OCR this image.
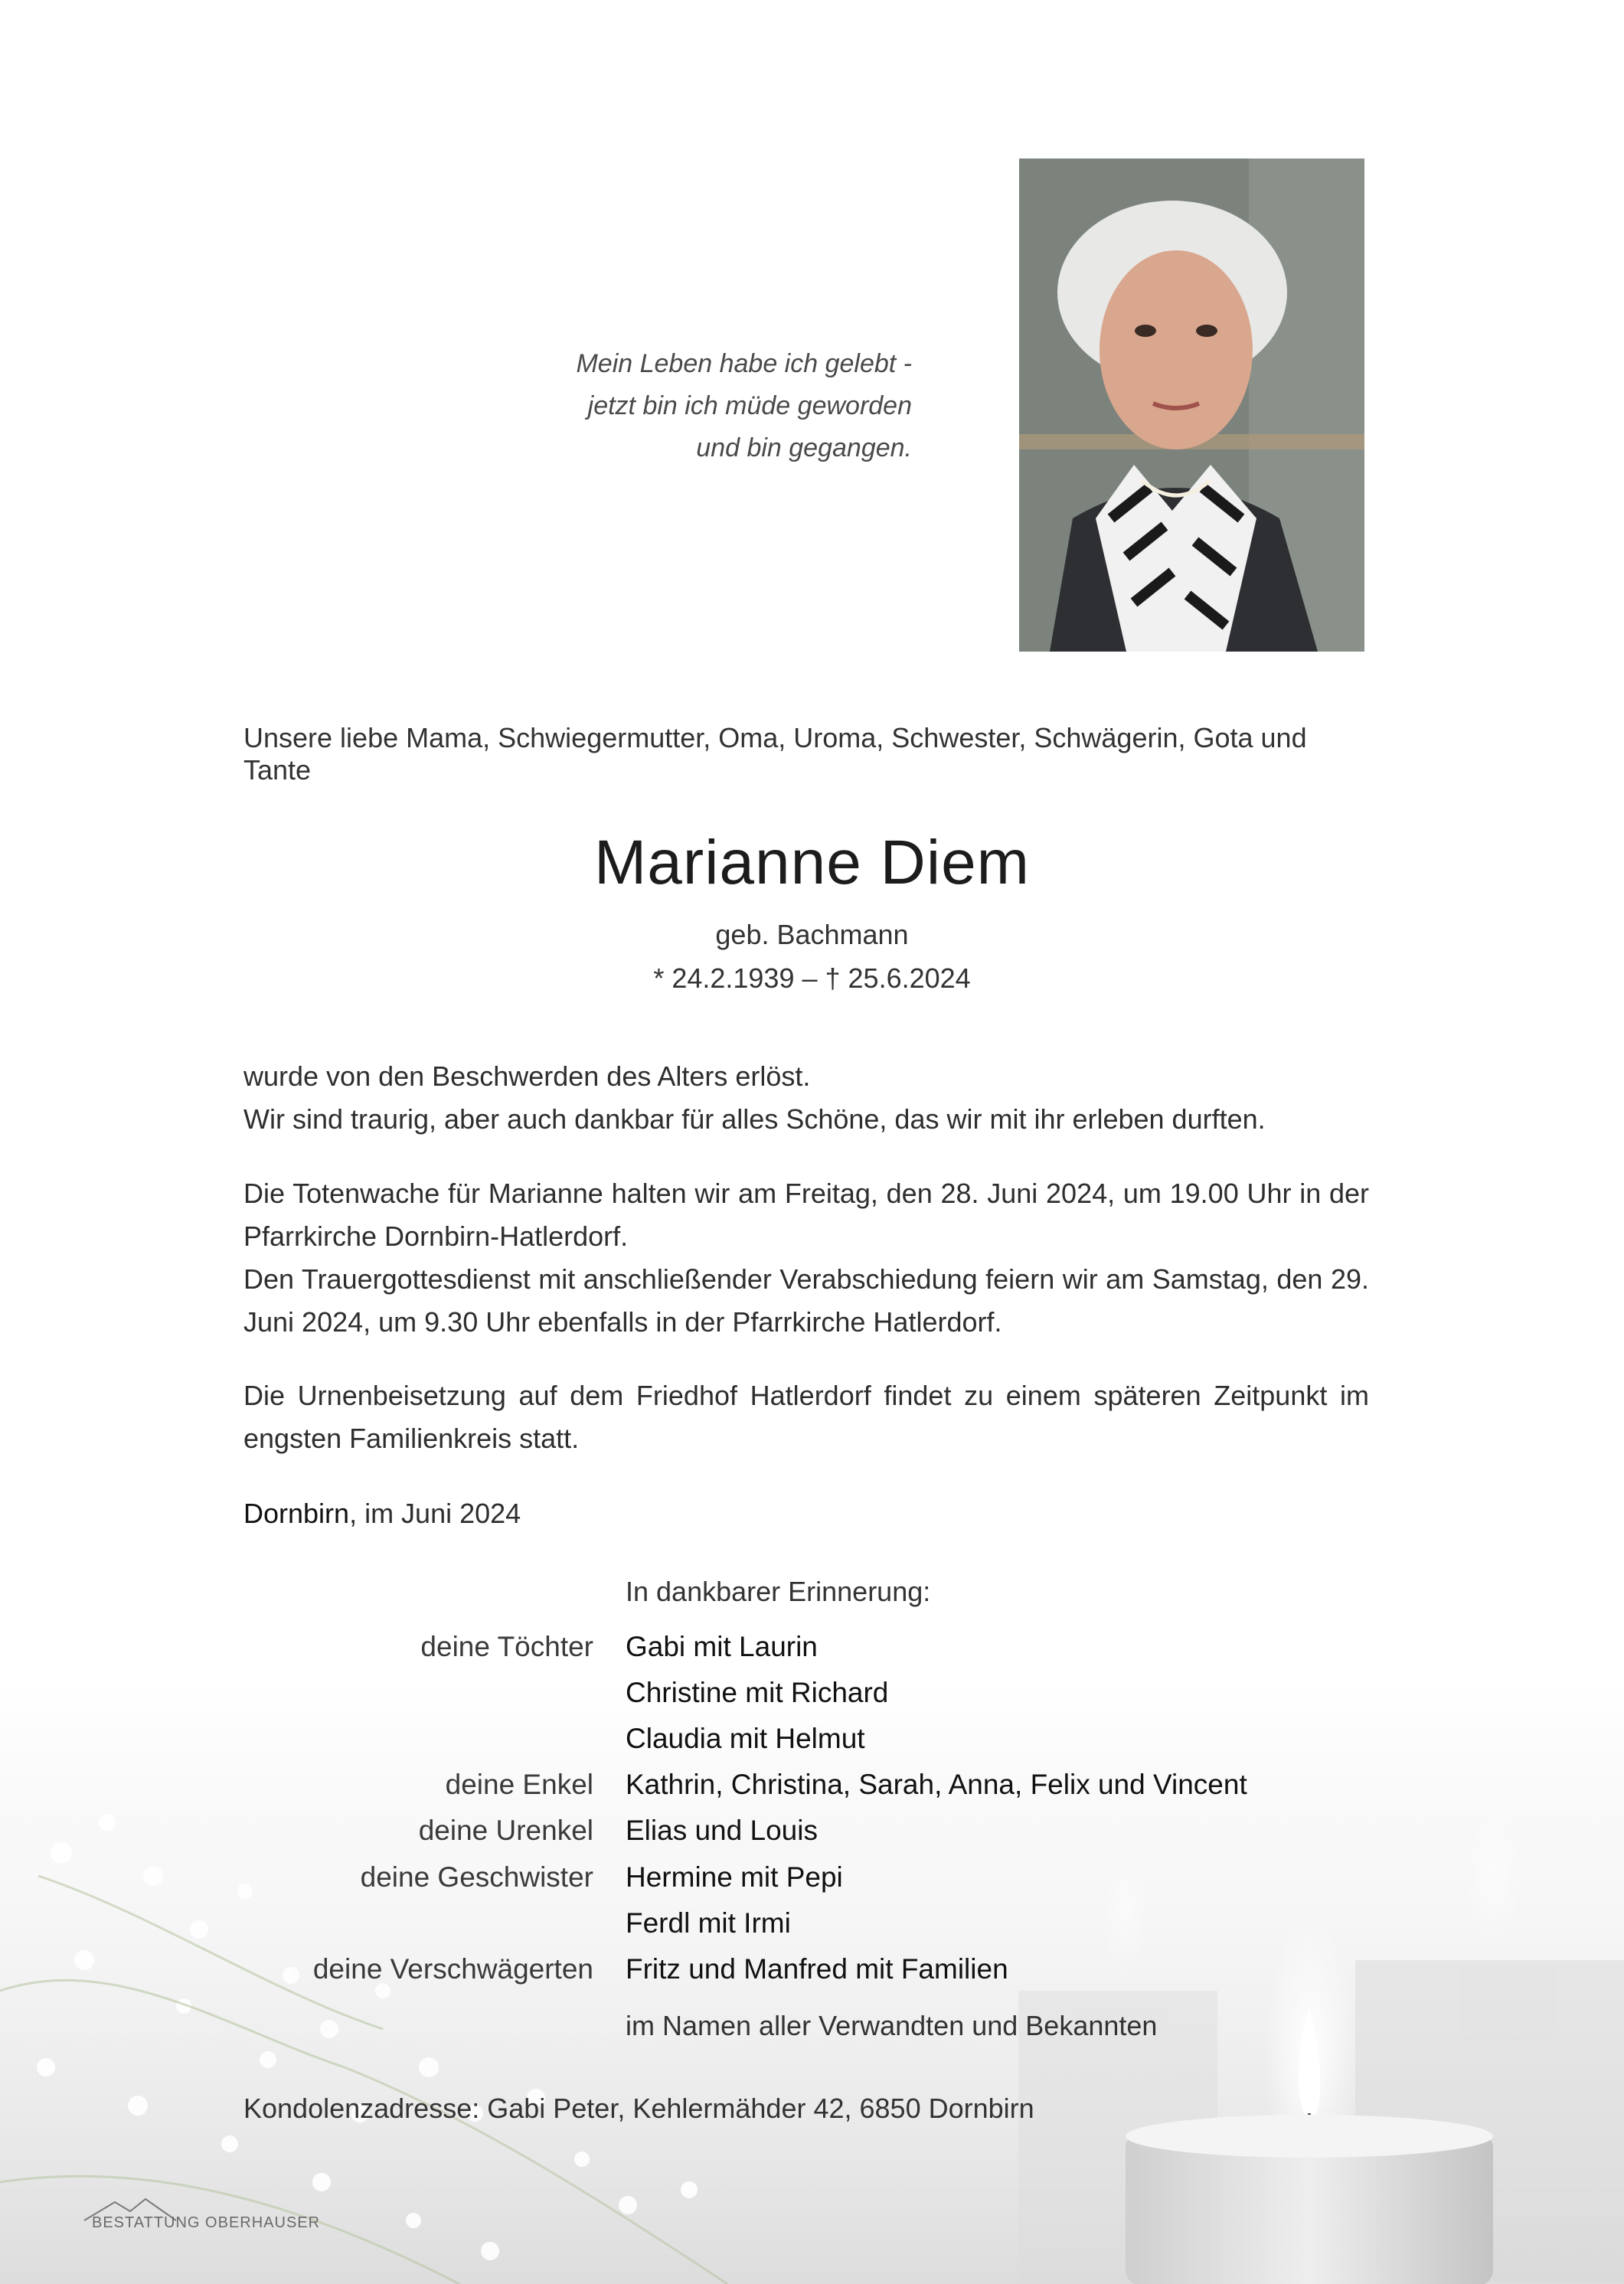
Mein Leben habe ich gelebt -
jetzt bin ich müde geworden
und bin gegangen.
Unsere liebe Mama, Schwiegermutter, Oma, Uroma, Schwester, Schwägerin, Gota und Tante
Marianne Diem
geb. Bachmann
* 24.2.1939 – † 25.6.2024

wurde von den Beschwerden des Alters erlöst.

Wir sind traurig, aber auch dankbar für alles Schöne, das wir mit ihr erleben durften.

Die Totenwache für Marianne halten wir am Freitag, den 28. Juni 2024, um 19.00 Uhr in der Pfarrkirche Dornbirn-Hatlerdorf.

Den Trauergottesdienst mit anschließender Verabschiedung feiern wir am Samstag, den 29. Juni 2024, um 9.30 Uhr ebenfalls in der Pfarrkirche Hatlerdorf.

Die Urnenbeisetzung auf dem Friedhof Hatlerdorf findet zu einem späteren Zeitpunkt im engsten Familienkreis statt.

Dornbirn, im Juni 2024
In dankbarer Erinnerung:
deine Töchter Gabi mit Laurin
Christine mit Richard
Claudia mit Helmut
deine Enkel Kathrin, Christina, Sarah, Anna, Felix und Vincent
deine Urenkel Elias und Louis
deine Geschwister Hermine mit Pepi
Ferdl mit Irmi
deine Verschwägerten Fritz und Manfred mit Familien
im Namen aller Verwandten und Bekannten
Kondolenzadresse: Gabi Peter, Kehlermähder 42, 6850 Dornbirn
BESTATTUNG OBERHAUSER
